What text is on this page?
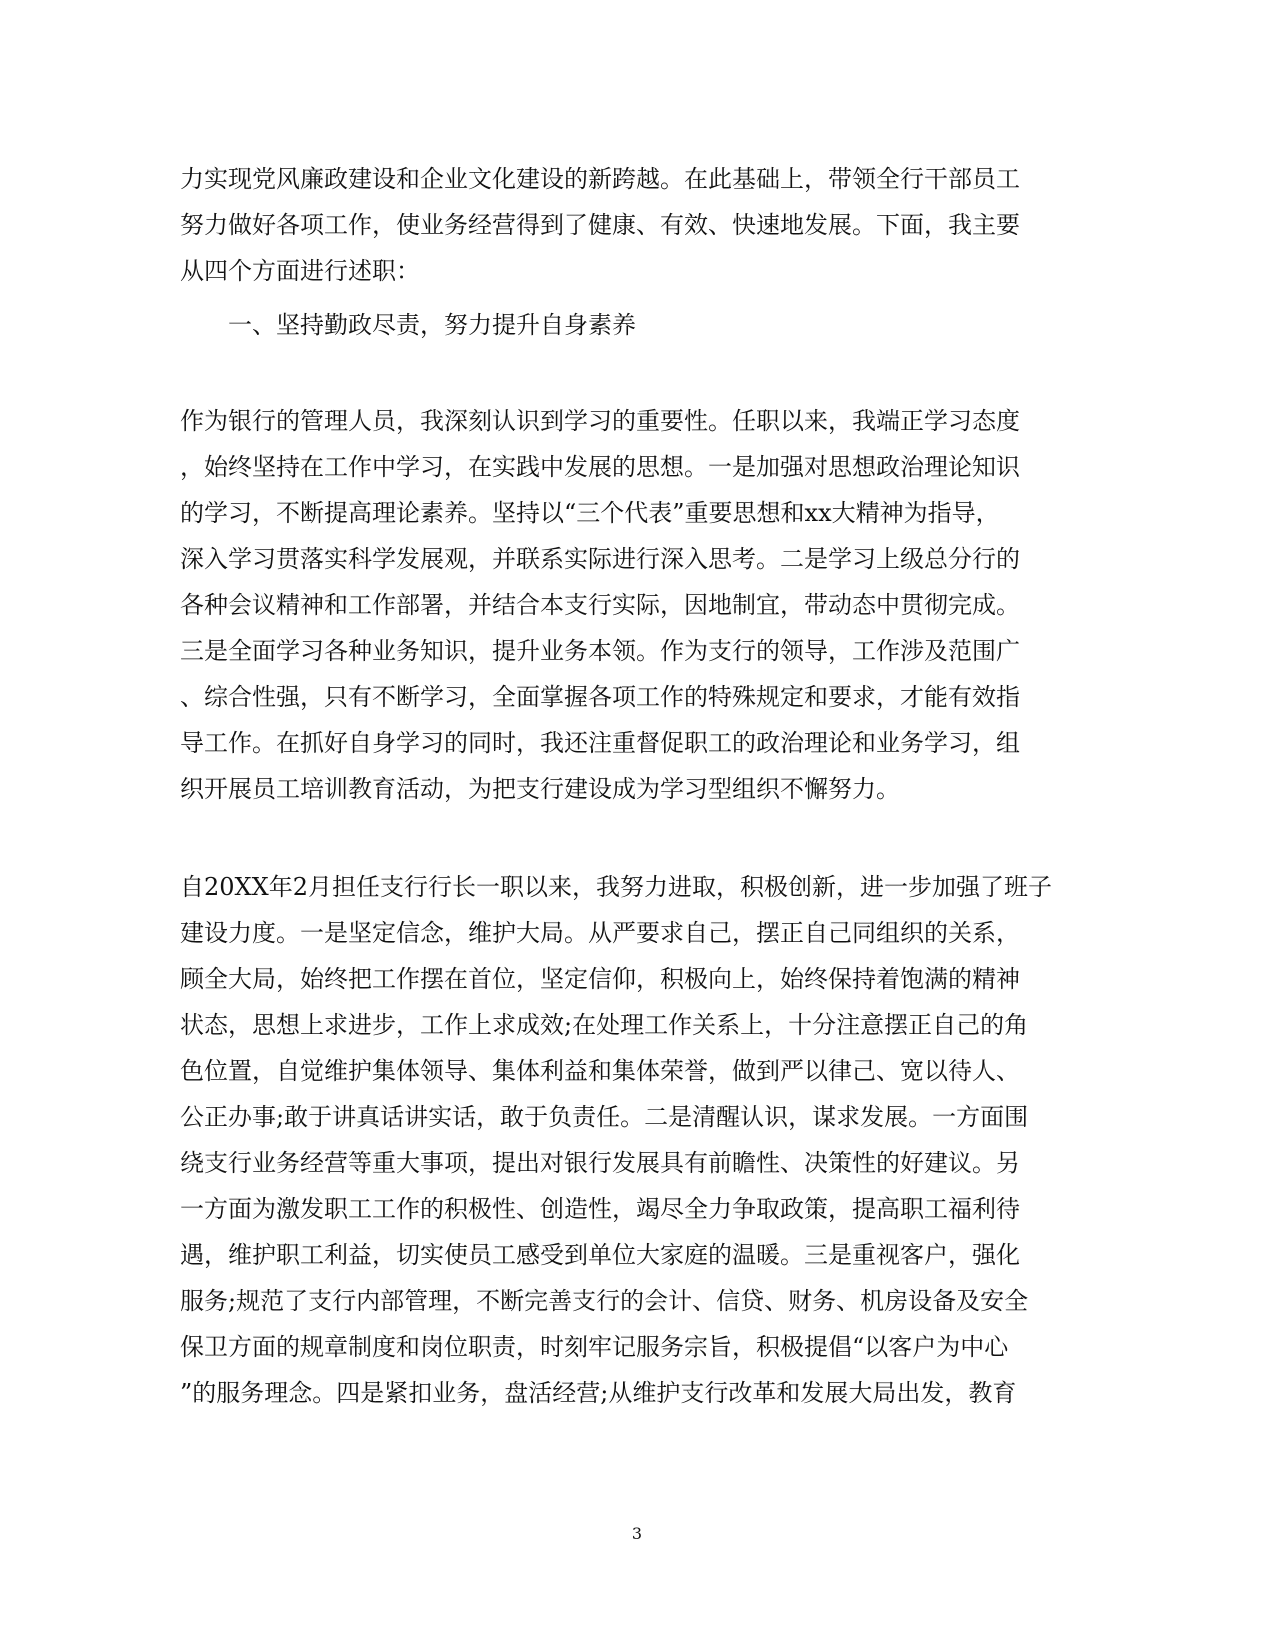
力实现党风廉政建设和企业文化建设的新跨越。在此基础上，带领全行干部员工
努力做好各项工作，使业务经营得到了健康、有效、快速地发展。下面，我主要
从四个方面进行述职：
一、坚持勤政尽责，努力提升自身素养
作为银行的管理人员，我深刻认识到学习的重要性。任职以来，我端正学习态度
，始终坚持在工作中学习，在实践中发展的思想。一是加强对思想政治理论知识
的学习，不断提高理论素养。坚持以“三个代表”重要思想和xx大精神为指导，
深入学习贯落实科学发展观，并联系实际进行深入思考。二是学习上级总分行的
各种会议精神和工作部署，并结合本支行实际，因地制宜，带动态中贯彻完成。
三是全面学习各种业务知识，提升业务本领。作为支行的领导，工作涉及范围广
、综合性强，只有不断学习，全面掌握各项工作的特殊规定和要求，才能有效指
导工作。在抓好自身学习的同时，我还注重督促职工的政治理论和业务学习，组
织开展员工培训教育活动，为把支行建设成为学习型组织不懈努力。
自20XX年2月担任支行行长一职以来，我努力进取，积极创新，进一步加强了班子
建设力度。一是坚定信念，维护大局。从严要求自己，摆正自己同组织的关系，
顾全大局，始终把工作摆在首位，坚定信仰，积极向上，始终保持着饱满的精神
状态，思想上求进步，工作上求成效;在处理工作关系上，十分注意摆正自己的角
色位置，自觉维护集体领导、集体利益和集体荣誉，做到严以律己、宽以待人、
公正办事;敢于讲真话讲实话，敢于负责任。二是清醒认识，谋求发展。一方面围
绕支行业务经营等重大事项，提出对银行发展具有前瞻性、决策性的好建议。另
一方面为激发职工工作的积极性、创造性，竭尽全力争取政策，提高职工福利待
遇，维护职工利益，切实使员工感受到单位大家庭的温暖。三是重视客户，强化
服务;规范了支行内部管理，不断完善支行的会计、信贷、财务、机房设备及安全
保卫方面的规章制度和岗位职责，时刻牢记服务宗旨，积极提倡“以客户为中心
”的服务理念。四是紧扣业务，盘活经营;从维护支行改革和发展大局出发，教育
3
